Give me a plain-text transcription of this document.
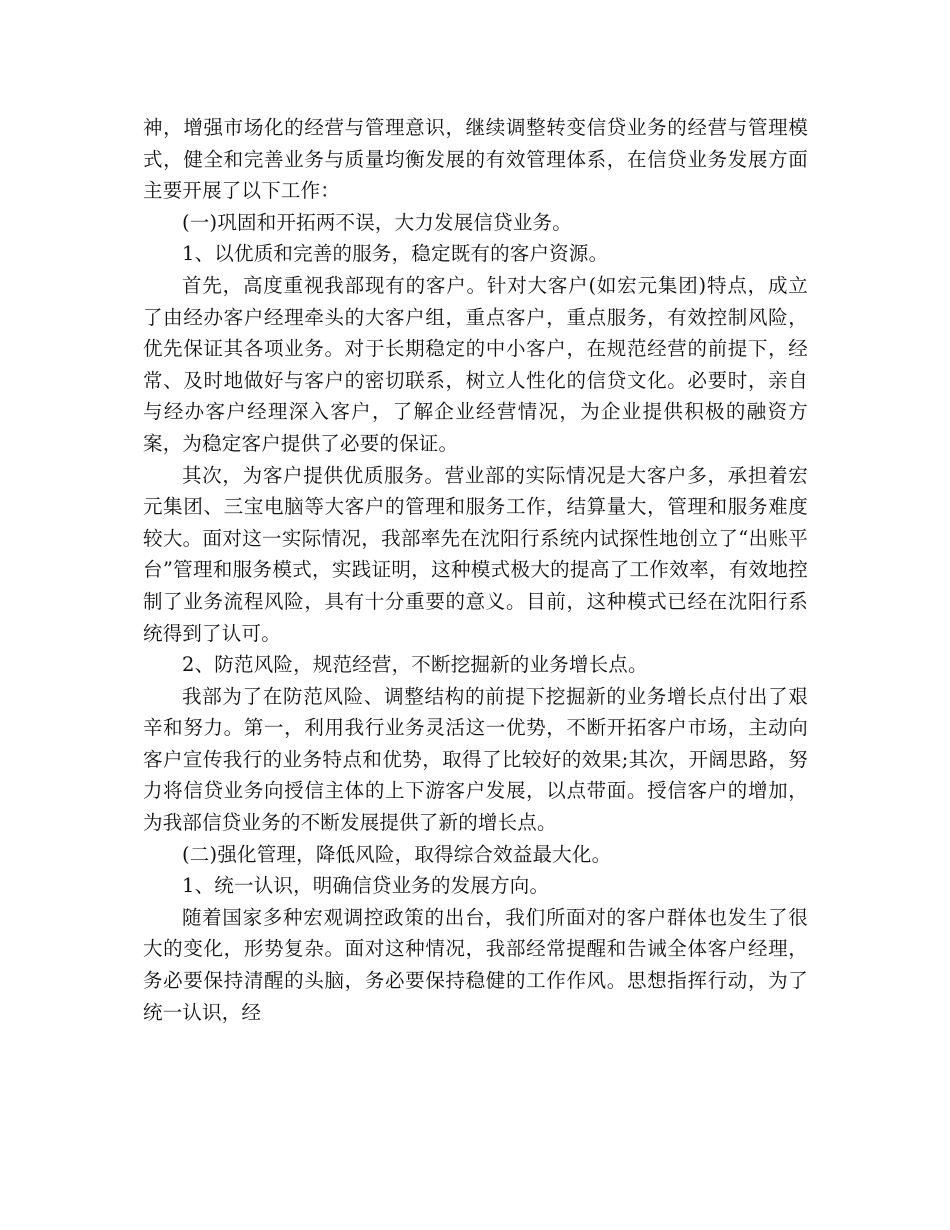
神，增强市场化的经营与管理意识，继续调整转变信贷业务的经营与管理模式，健全和完善业务与质量均衡发展的有效管理体系，在信贷业务发展方面主要开展了以下工作：

(一)巩固和开拓两不误，大力发展信贷业务。

1、以优质和完善的服务，稳定既有的客户资源。

首先，高度重视我部现有的客户。针对大客户(如宏元集团)特点，成立了由经办客户经理牵头的大客户组，重点客户，重点服务，有效控制风险，优先保证其各项业务。对于长期稳定的中小客户，在规范经营的前提下，经常、及时地做好与客户的密切联系，树立人性化的信贷文化。必要时，亲自与经办客户经理深入客户，了解企业经营情况，为企业提供积极的融资方案，为稳定客户提供了必要的保证。

其次，为客户提供优质服务。营业部的实际情况是大客户多，承担着宏元集团、三宝电脑等大客户的管理和服务工作，结算量大，管理和服务难度较大。面对这一实际情况，我部率先在沈阳行系统内试探性地创立了“出账平台”管理和服务模式，实践证明，这种模式极大的提高了工作效率，有效地控制了业务流程风险，具有十分重要的意义。目前，这种模式已经在沈阳行系统得到了认可。

2、防范风险，规范经营，不断挖掘新的业务增长点。

我部为了在防范风险、调整结构的前提下挖掘新的业务增长点付出了艰辛和努力。第一，利用我行业务灵活这一优势，不断开拓客户市场，主动向客户宣传我行的业务特点和优势，取得了比较好的效果;其次，开阔思路，努力将信贷业务向授信主体的上下游客户发展，以点带面。授信客户的增加，为我部信贷业务的不断发展提供了新的增长点。

(二)强化管理，降低风险，取得综合效益最大化。

1、统一认识，明确信贷业务的发展方向。

随着国家多种宏观调控政策的出台，我们所面对的客户群体也发生了很大的变化，形势复杂。面对这种情况，我部经常提醒和告诫全体客户经理，务必要保持清醒的头脑，务必要保持稳健的工作作风。思想指挥行动，为了统一认识，经
